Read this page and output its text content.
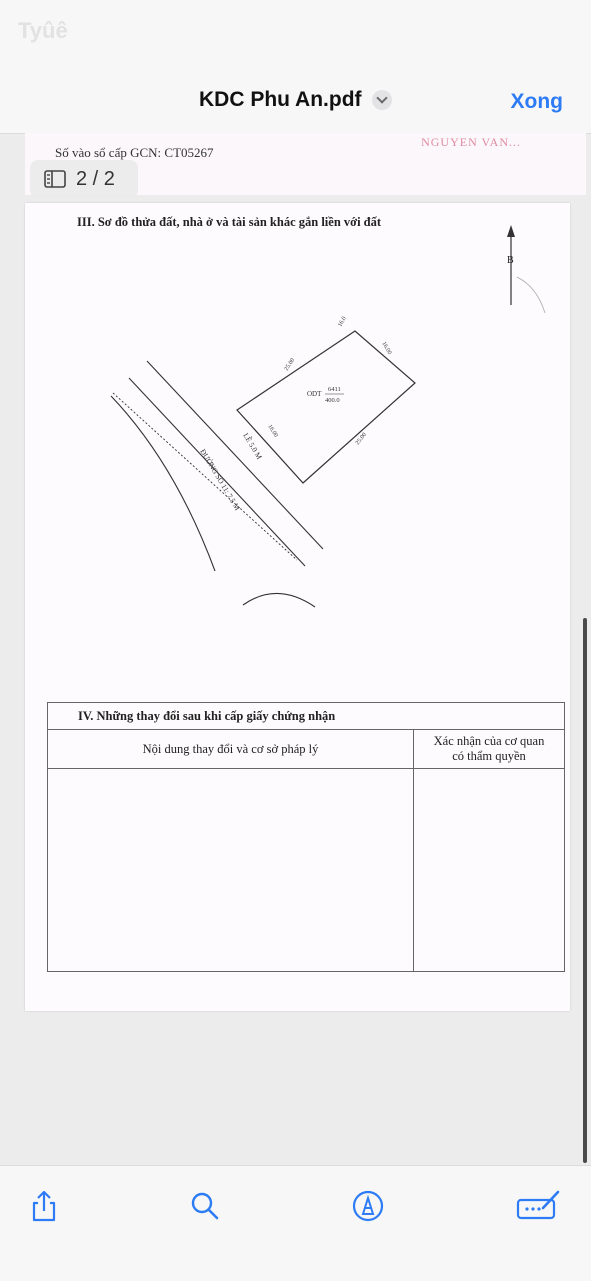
Tyûê
KDC Phu An.pdf	Xong
Số vào sổ cấp GCN: CT05267
NGUYEN VAN...
2 / 2
III. Sơ đồ thửa đất, nhà ở và tài sản khác gắn liền với đất
B
ODT
6411
400.0
25.00
16.0
16.00
25.00
16.00
LỀ 5.0 M
ĐƯỜNG SỐ 11: 7.5 M
IV. Những thay đổi sau khi cấp giấy chứng nhận
Nội dung thay đổi và cơ sở pháp lý
Xác nhận của cơ quan
có thẩm quyền
